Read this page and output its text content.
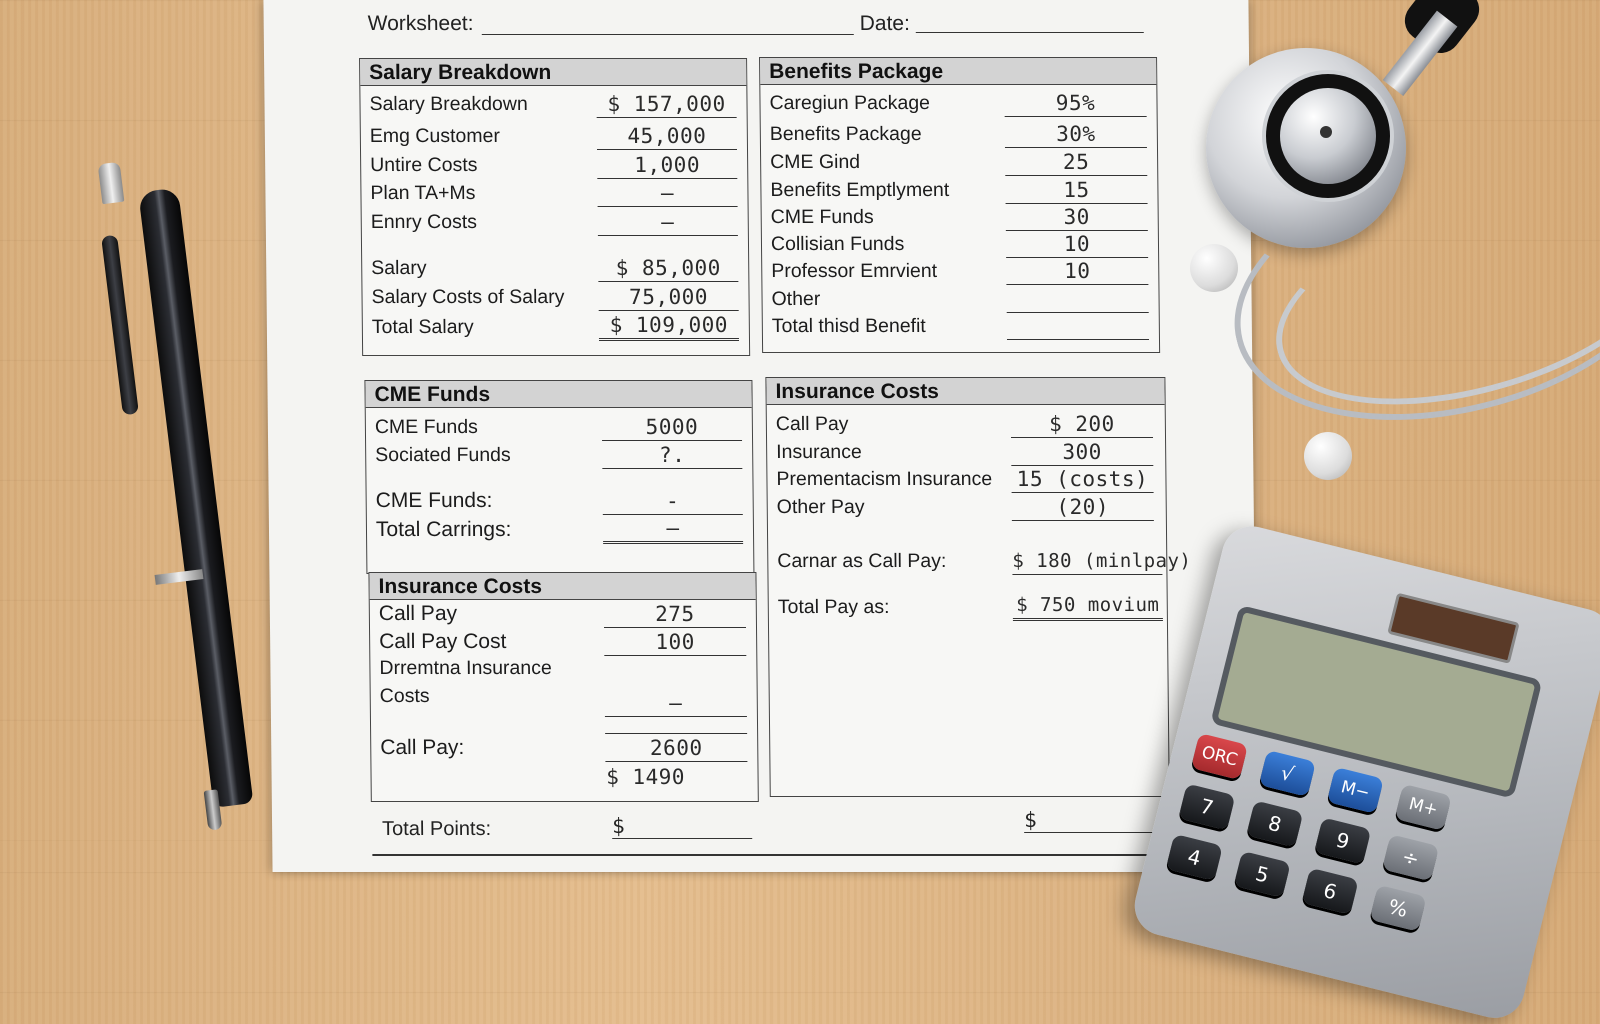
Worksheet:	Date:
Salary Breakdown
Salary Breakdown	$ 157,000
Emg Customer	45,000
Untire Costs	1,000
Plan TA+Ms	—
Ennry Costs	—
Salary	$ 85,000
Salary Costs of Salary	75,000
Total Salary	$ 109,000
Benefits Package
Caregiun Package	95%
Benefits Package	30%
CME Gind	25
Benefits Emptlyment	15
CME Funds	30
Collisian Funds	10
Professor Emrvient	10
Other
Total thisd Benefit
CME Funds
CME Funds	5000
Sociated Funds	?.
CME Funds:	-
Total Carrings:	—
Insurance Costs
Call Pay	275
Call Pay Cost	100
Drremtna Insurance
Costs	—
Call Pay:	2600
$ 1490
Insurance Costs
Call Pay	$ 200
Insurance	300
Prementacism Insurance 15 (costs)
Other Pay	(20)
Carnar as Call Pay:	$ 180 (minlpay)
Total Pay as:	$ 750 movium
Total Points:	$	$
ORC
√
M−
M+
7
8
9
÷
4
5
6
%
